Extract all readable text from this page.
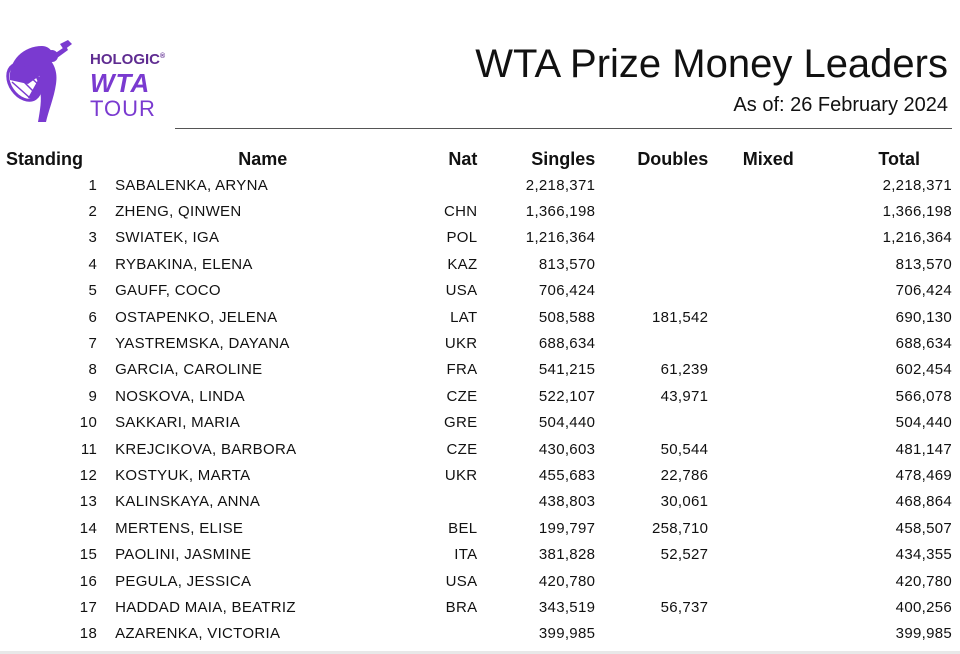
HOLOGIC®
WTA
TOUR
WTA Prize Money Leaders
As of: 26 February 2024
Standing	Name	Nat	Singles	Doubles	Mixed	Total
1	SABALENKA, ARYNA		2,218,371			2,218,371
2	ZHENG, QINWEN	CHN	1,366,198			1,366,198
3	SWIATEK, IGA	POL	1,216,364			1,216,364
4	RYBAKINA, ELENA	KAZ	813,570			813,570
5	GAUFF, COCO	USA	706,424			706,424
6	OSTAPENKO, JELENA	LAT	508,588	181,542		690,130
7	YASTREMSKA, DAYANA	UKR	688,634			688,634
8	GARCIA, CAROLINE	FRA	541,215	61,239		602,454
9	NOSKOVA, LINDA	CZE	522,107	43,971		566,078
10	SAKKARI, MARIA	GRE	504,440			504,440
11	KREJCIKOVA, BARBORA	CZE	430,603	50,544		481,147
12	KOSTYUK, MARTA	UKR	455,683	22,786		478,469
13	KALINSKAYA, ANNA		438,803	30,061		468,864
14	MERTENS, ELISE	BEL	199,797	258,710		458,507
15	PAOLINI, JASMINE	ITA	381,828	52,527		434,355
16	PEGULA, JESSICA	USA	420,780			420,780
17	HADDAD MAIA, BEATRIZ	BRA	343,519	56,737		400,256
18	AZARENKA, VICTORIA		399,985			399,985
